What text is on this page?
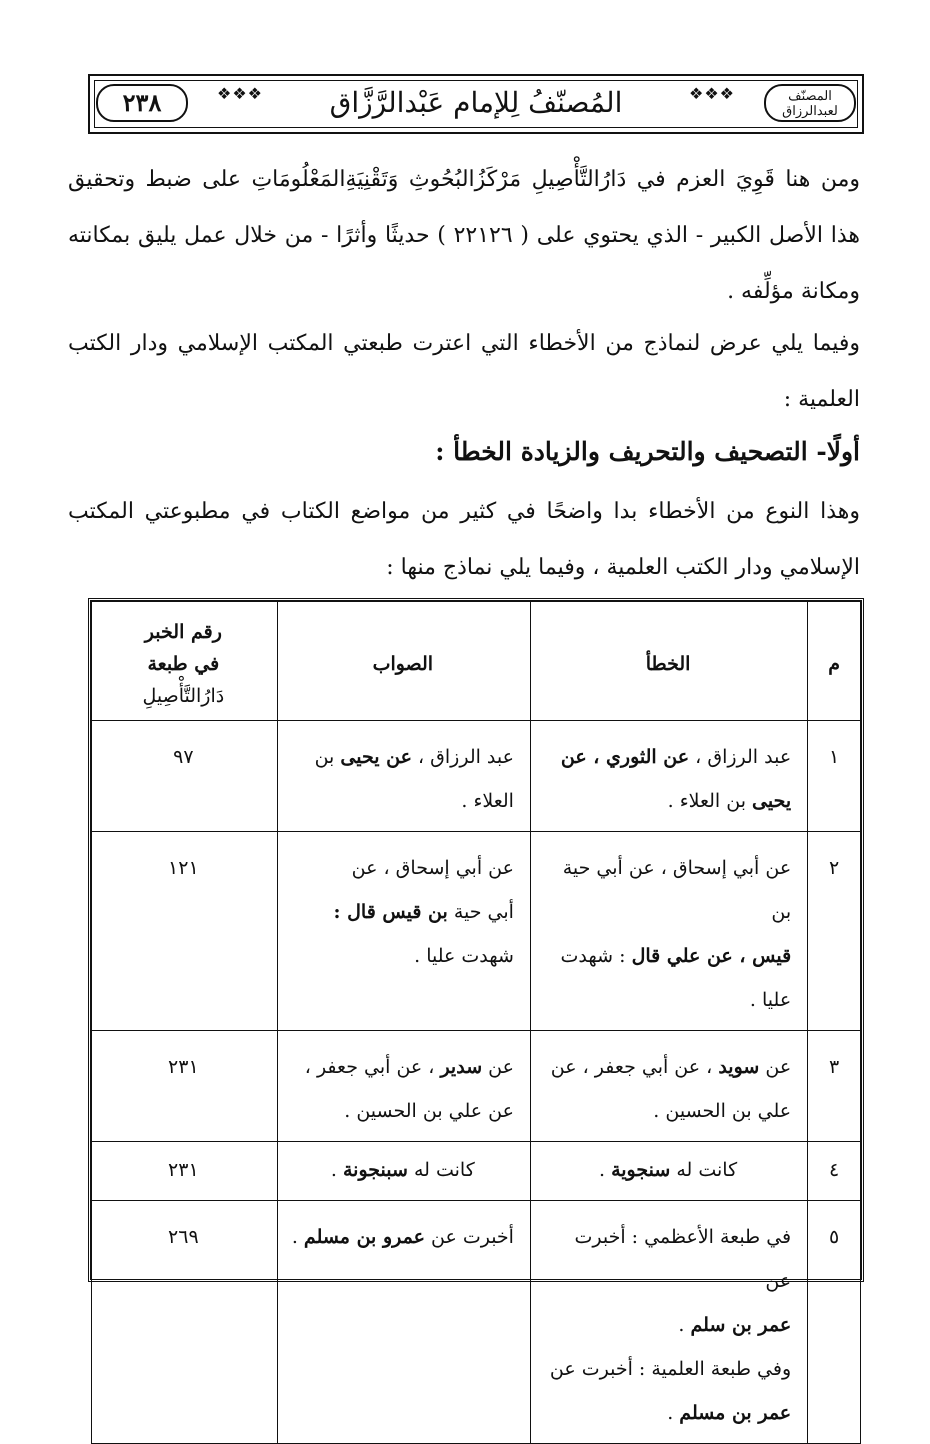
٢٣٨	❖❖❖	المُصنّفُ لِلإمام عَبْدالرَّزَّاق	❖❖❖	المصنّف لعبدالرزاق
ومن هنا قَوِيَ العزم في دَارُالتَّأْصِيلِ مَرْكَزُالبُحُوثِ وَتَقْنِيَةِالمَعْلُومَاتِ على ضبط وتحقيق هذا الأصل الكبير - الذي يحتوي على ( ٢٢١٢٦ ) حديثًا وأثرًا - من خلال عمل يليق بمكانته ومكانة مؤلِّفه .
وفيما يلي عرض لنماذج من الأخطاء التي اعترت طبعتي المكتب الإسلامي ودار الكتب العلمية :
أولًا- التصحيف والتحريف والزيادة الخطأ :
وهذا النوع من الأخطاء بدا واضحًا في كثير من مواضع الكتاب في مطبوعتي المكتب الإسلامي ودار الكتب العلمية ، وفيما يلي نماذج منها :
م	الخطأ	الصواب	رقم الخبر
في طبعة دَارُالتَّأْصِيلِ

١	عبد الرزاق ، عن الثوري ، عن
يحيى بن العلاء .	عبد الرزاق ، عن يحيى بن
العلاء .	٩٧
٢	عن أبي إسحاق ، عن أبي حية بن
قيس ، عن علي قال : شهدت
عليا .	عن أبي إسحاق ، عن
أبي حية بن قيس قال :
شهدت عليا .	١٢١
٣	عن سويد ، عن أبي جعفر ، عن
علي بن الحسين .	عن سدير ، عن أبي جعفر ،
عن علي بن الحسين .	٢٣١
٤	كانت له سنجوية .	كانت له سبنجونة .	٢٣١
٥	في طبعة الأعظمي : أخبرت عن
عمر بن سلم .
وفي طبعة العلمية : أخبرت عن
عمر بن مسلم .	أخبرت عن عمرو بن مسلم .	٢٦٩
